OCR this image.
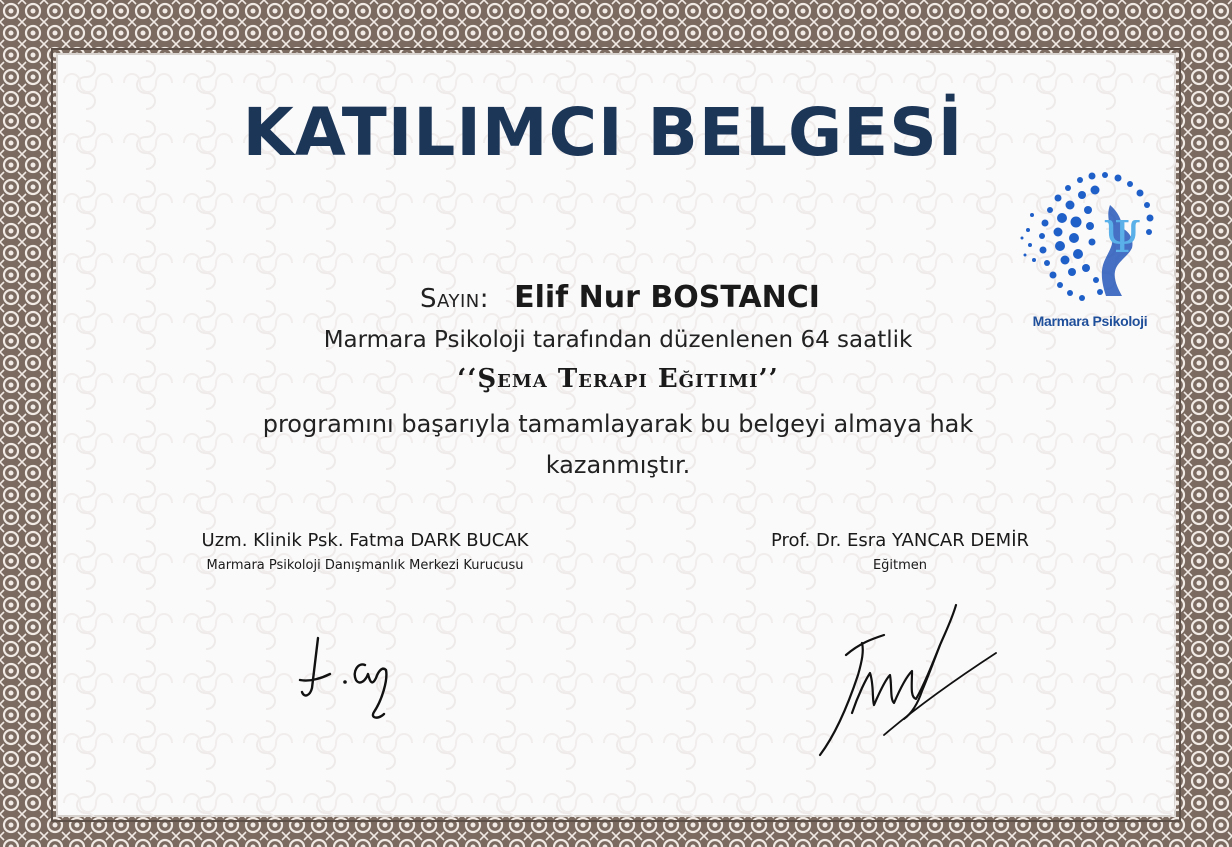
KATILIMCI BELGESİ
Ψ
Marmara Psikoloji
Sayın: Elif Nur BOSTANCI
Marmara Psikoloji tarafından düzenlenen 64 saatlik
‘‘Şema Terapi Eğitimi’’
programını başarıyla tamamlayarak bu belgeyi almaya hak
kazanmıştır.
Uzm. Klinik Psk. Fatma DARK BUCAK
Marmara Psikoloji Danışmanlık Merkezi Kurucusu
Prof. Dr. Esra YANCAR DEMİR
Eğitmen
